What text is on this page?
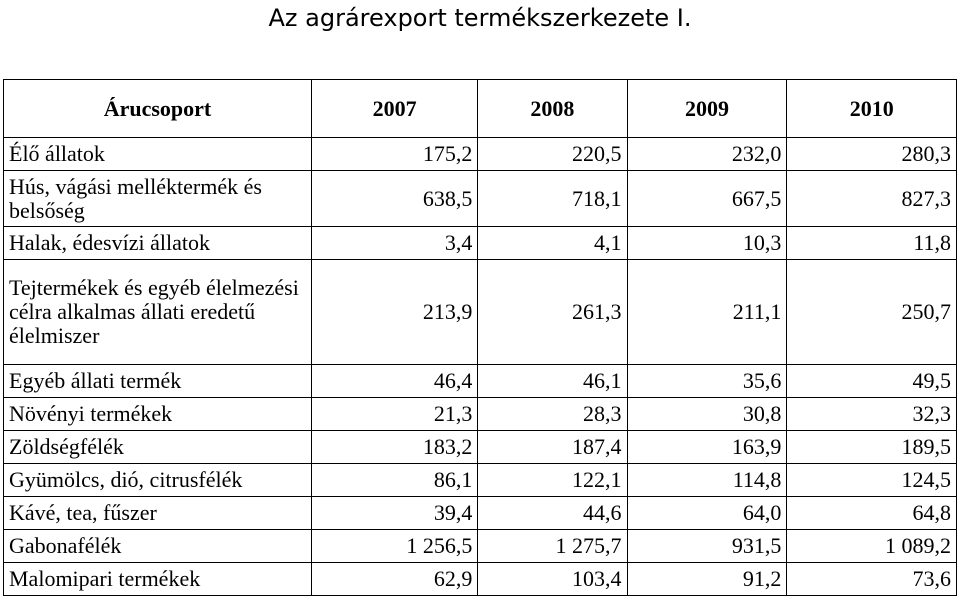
Az agrárexport termékszerkezete I.
Árucsoport	2007	2008	2009	2010
Élő állatok	175,2	220,5	232,0	280,3
Hús, vágási melléktermék és belsőség	638,5	718,1	667,5	827,3
Halak, édesvízi állatok	3,4	4,1	10,3	11,8
Tejtermékek és egyéb élelmezési célra alkalmas állati eredetű élelmiszer	213,9	261,3	211,1	250,7
Egyéb állati termék	46,4	46,1	35,6	49,5
Növényi termékek	21,3	28,3	30,8	32,3
Zöldségfélék	183,2	187,4	163,9	189,5
Gyümölcs, dió, citrusfélék	86,1	122,1	114,8	124,5
Kávé, tea, fűszer	39,4	44,6	64,0	64,8
Gabonafélék	1 256,5	1 275,7	931,5	1 089,2
Malomipari termékek	62,9	103,4	91,2	73,6
